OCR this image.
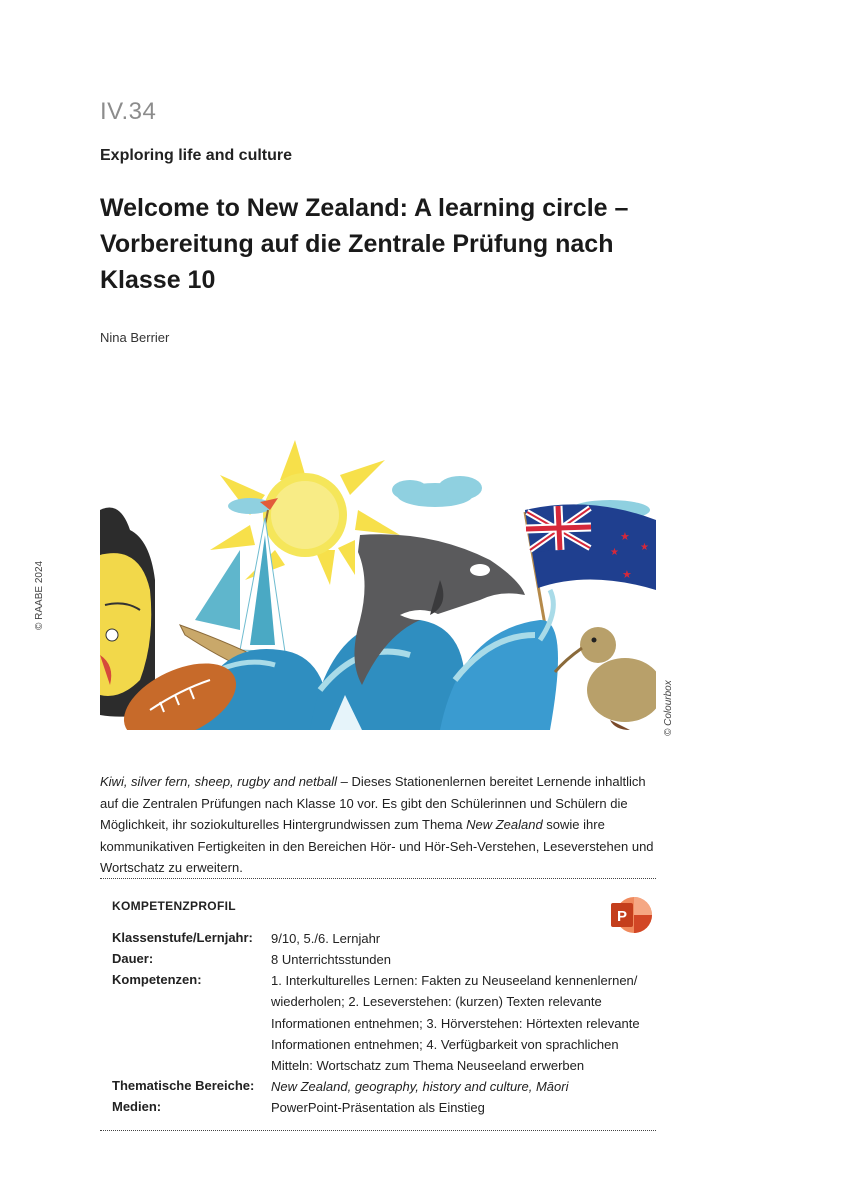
IV.34
Exploring life and culture
Welcome to New Zealand: A learning circle – Vorbereitung auf die Zentrale Prüfung nach Klasse 10
Nina Berrier
© RAABE 2024
★
★
★
★
© Colourbox
Kiwi, silver fern, sheep, rugby and netball – Dieses Stationenlernen bereitet Lernende inhaltlich auf die Zentralen Prüfungen nach Klasse 10 vor. Es gibt den Schülerinnen und Schülern die Möglichkeit, ihr soziokulturelles Hintergrundwissen zum Thema New Zealand sowie ihre kommunikativen Fertigkeiten in den Bereichen Hör- und Hör-Seh-Verstehen, Leseverstehen und Wortschatz zu erweitern.
KOMPETENZPROFIL
P
Klassenstufe/Lernjahr: 9/10, 5./6. Lernjahr
Dauer:	8 Unterrichtsstunden
Kompetenzen:	1. Interkulturelles Lernen: Fakten zu Neuseeland kennenlernen/ wiederholen; 2. Leseverstehen: (kurzen) Texten relevante Informationen entnehmen; 3. Hörverstehen: Hörtexten relevante Informationen entnehmen; 4. Verfügbarkeit von sprachlichen Mitteln: Wortschatz zum Thema Neuseeland erwerben
Thematische Bereiche: New Zealand, geography, history and culture, Māori
Medien:	PowerPoint-Präsentation als Einstieg
